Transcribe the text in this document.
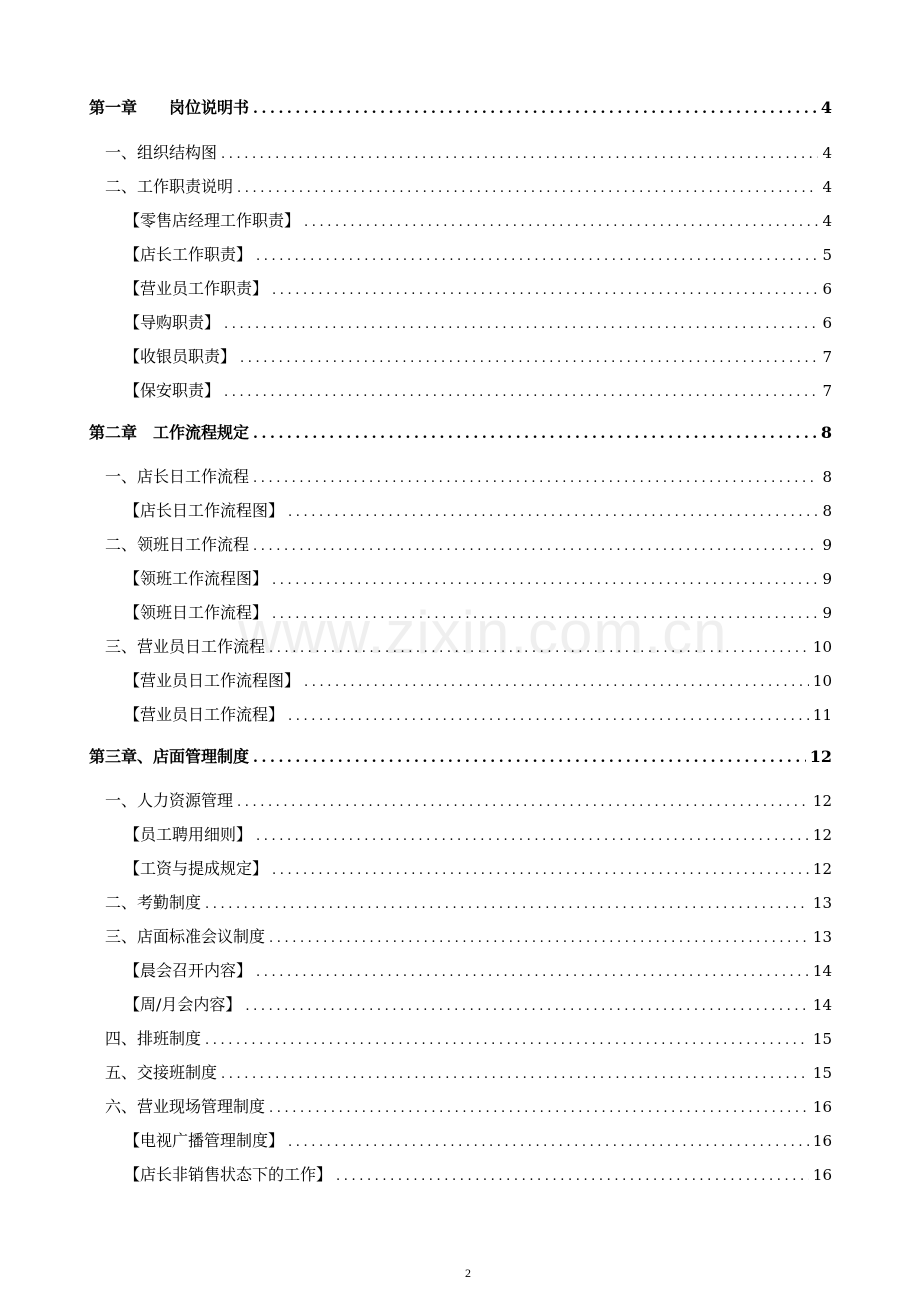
第一章　　岗位说明书 .....	4
一、组织结构图 .....	4
二、工作职责说明 .....	4
【零售店经理工作职责】 .....	4
【店长工作职责】 .....	5
【营业员工作职责】 .....	6
【导购职责】 .....	6
【收银员职责】 .....	7
【保安职责】 .....	7
第二章　工作流程规定 .....	8
一、店长日工作流程 .....	8
【店长日工作流程图】 .....	8
二、领班日工作流程 .....	9
【领班工作流程图】 .....	9
【领班日工作流程】 .....	9
三、营业员日工作流程 .....	10
【营业员日工作流程图】 .....	10
【营业员日工作流程】 .....	11
第三章、店面管理制度 .....	12
一、人力资源管理 .....	12
【员工聘用细则】 .....	12
【工资与提成规定】 .....	12
二、考勤制度 .....	13
三、店面标准会议制度 .....	13
【晨会召开内容】 .....	14
【周/月会内容】 .....	14
四、排班制度 .....	15
五、交接班制度 .....	15
六、营业现场管理制度 .....	16
【电视广播管理制度】 .....	16
【店长非销售状态下的工作】 .....	16
www.zixin.com.cn
2
